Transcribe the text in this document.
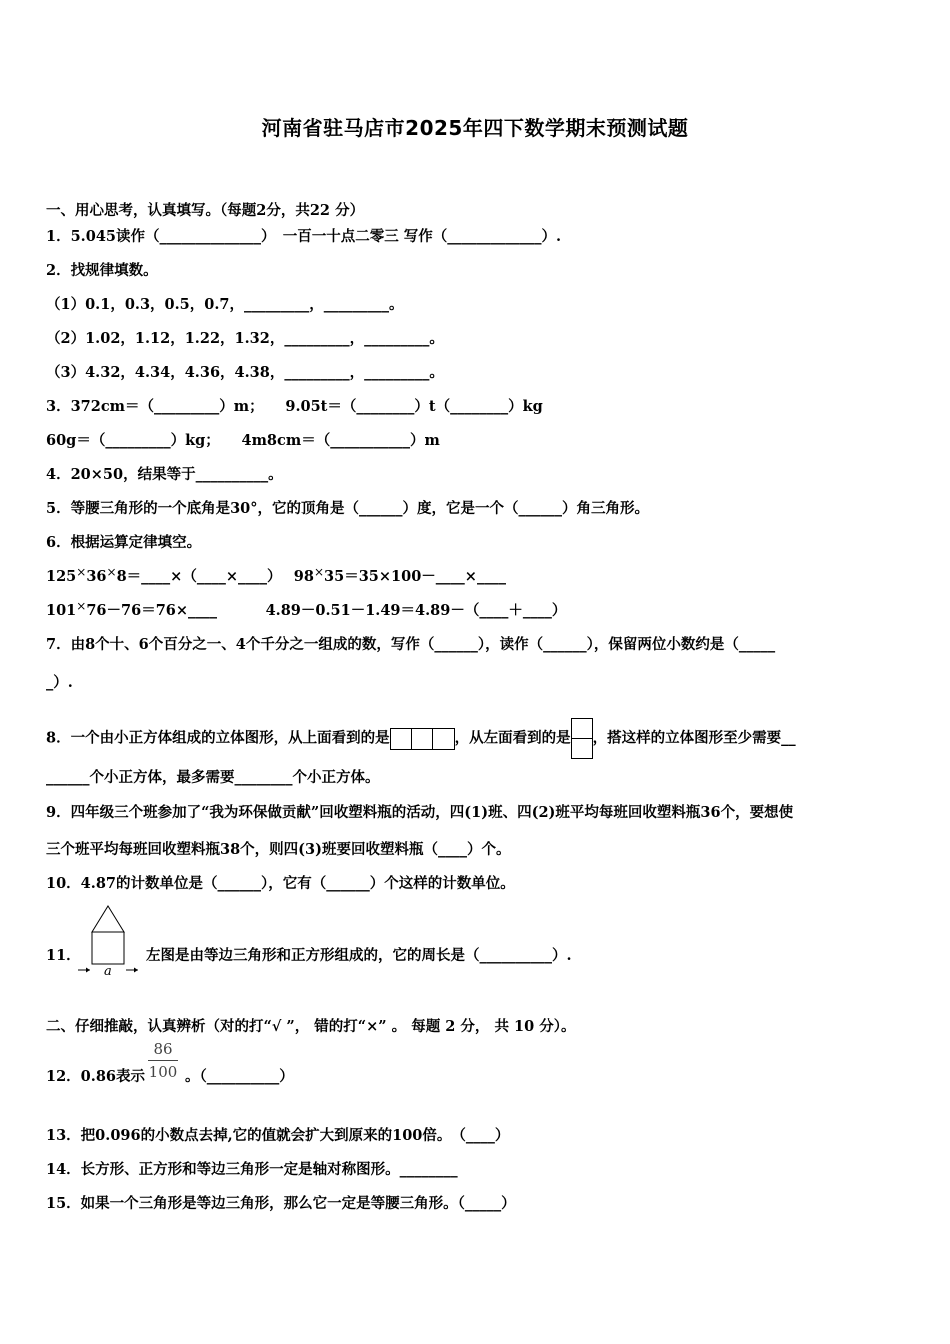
河南省驻马店市2025年四下数学期末预测试题
一、用心思考，认真填写。（每题2分，共22 分）
1．5.045读作（______________）　一百一十点二零三 写作（_____________）.
2．找规律填数。
（1）0.1，0.3，0.5，0.7，_________，_________。
（2）1.02，1.12，1.22，1.32，_________，_________。
（3）4.32，4.34，4.36，4.38，_________，_________。
3．372cm＝（_________）m；　　9.05t＝（________）t（________）kg
60g＝（_________）kg；　　4m8cm＝（___________）m
4．20×50，结果等于__________。
5．等腰三角形的一个底角是30°，它的顶角是（______）度，它是一个（______）角三角形。
6．根据运算定律填空。
125×36×8＝____×（____×____）　 98×35＝35×100－____×____
101×76－76＝76×____　　　 4.89－0.51－1.49＝4.89－（____＋____）
7．由8个十、6个百分之一、4个千分之一组成的数，写作（______），读作（______），保留两位小数约是（_____
_）.
8．一个由小正方体组成的立体图形，从上面看到的是	，从左面看到的是 ，搭这样的立体图形至少需要__
______个小正方体，最多需要________个小正方体。
9．四年级三个班参加了“我为环保做贡献”回收塑料瓶的活动，四(1)班、四(2)班平均每班回收塑料瓶36个，要想使
三个班平均每班回收塑料瓶38个，则四(3)班要回收塑料瓶（____）个。
10．4.87的计数单位是（______），它有（______）个这样的计数单位。
11．
a
左图是由等边三角形和正方形组成的，它的周长是（__________）.
二、仔细推敲，认真辨析（对的打“√ ”， 错的打“×” 。 每题 2 分， 共 10 分）。
12．0.86表示 $\frac{86}{100}$ 。（__________）
13．把0.096的小数点去掉,它的值就会扩大到原来的100倍。　（____）
14．长方形、正方形和等边三角形一定是轴对称图形。________
15．如果一个三角形是等边三角形，那么它一定是等腰三角形。（_____）
